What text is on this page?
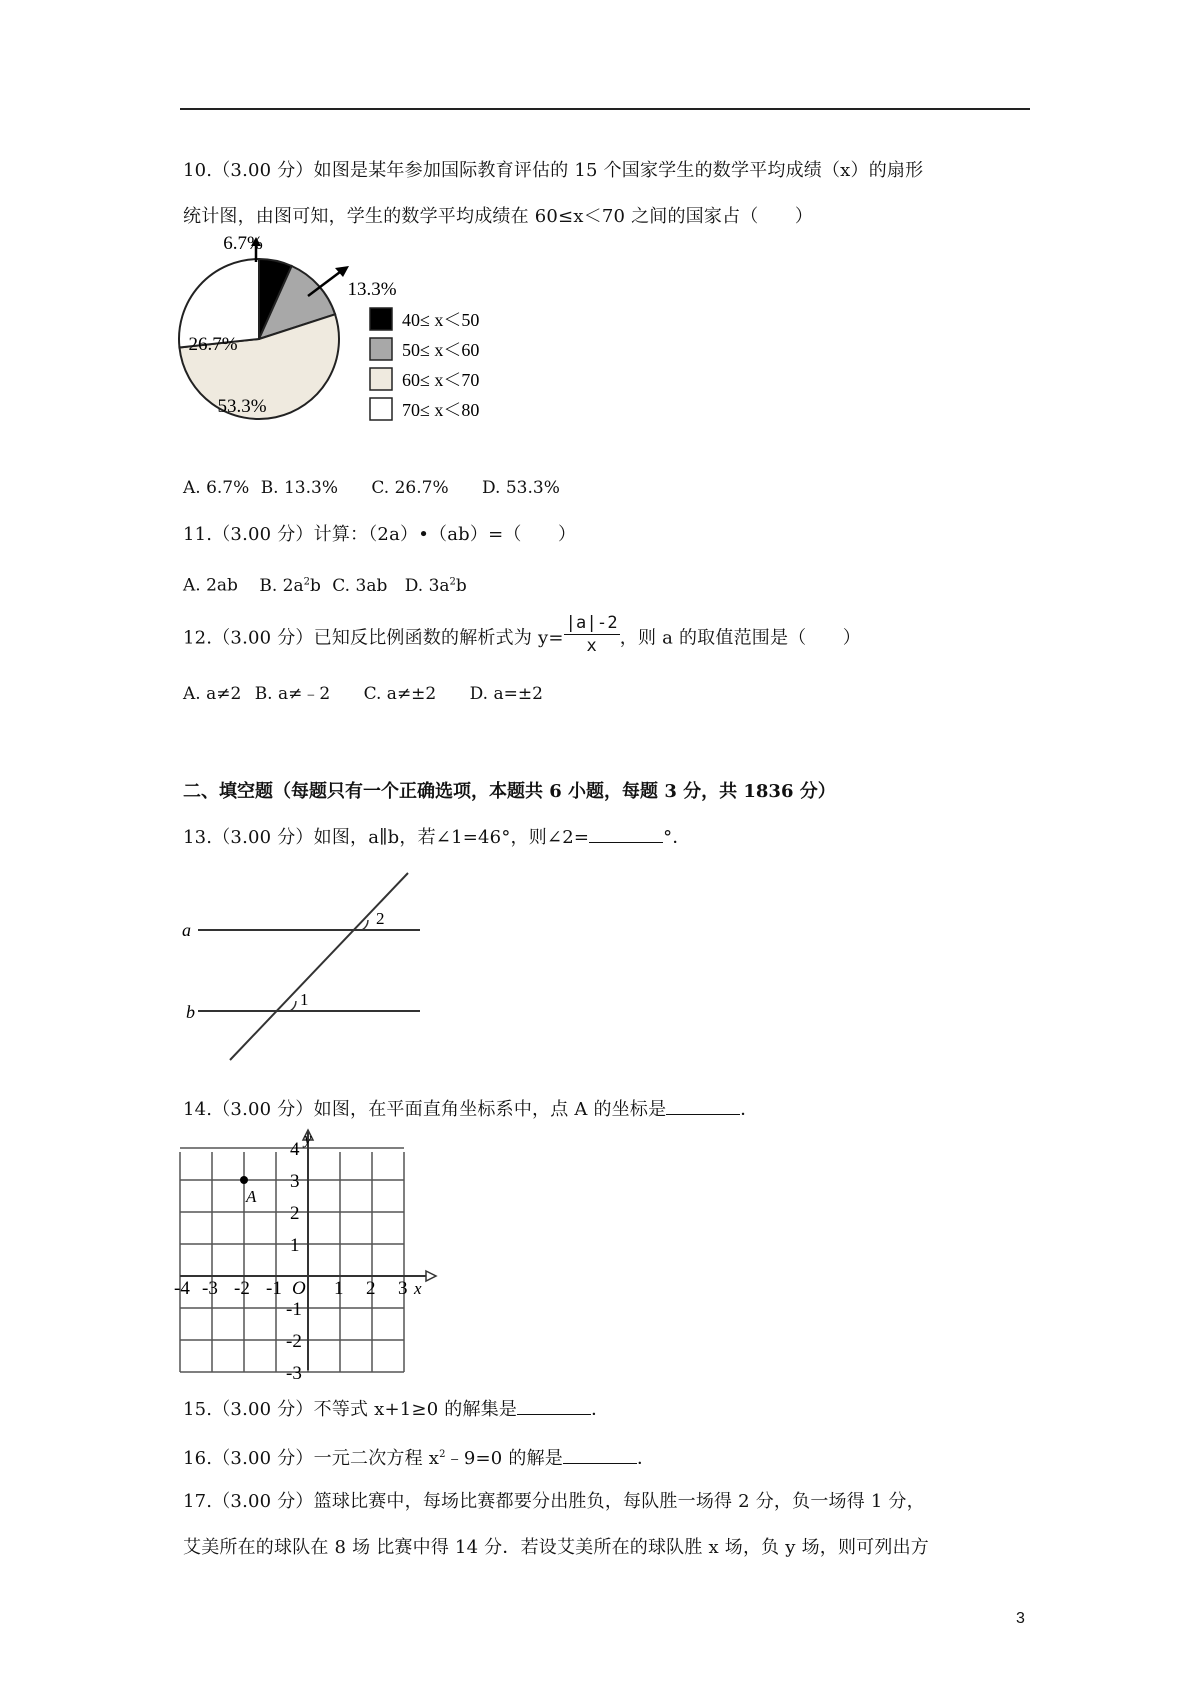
10.（3.00 分）如图是某年参加国际教育评估的 15 个国家学生的数学平均成绩（x）的扇形
统计图，由图可知，学生的数学平均成绩在 60≤x＜70 之间的国家占（　　）
6.7%
13.3%
53.3%
26.7%
40≤ x＜50
50≤ x＜60
60≤ x＜70
70≤ x＜80
A. 6.7% B. 13.3% C. 26.7% D. 53.3%
11.（3.00 分）计算：（2a）•（ab）=（　　）
A. 2ab B. $2a^2b$ C. 3ab D. $3a^2b$
12.（3.00 分）已知反比例函数的解析式为 $y= \frac{|a|-2}{x}$ ，则 a 的取值范围是（　　）
A. a≠2 B. a≠﹣2 C. a≠±2 D. a=±2
二、填空题（每题只有一个正确选项，本题共 6 小题，每题 3 分，共 1836 分）
13.（3.00 分）如图，a∥b，若∠1=46°，则∠2=	°．
a
b
2
1
14.（3.00 分）如图，在平面直角坐标系中，点 A 的坐标是	．
-4 -3 -2 -1	1 2 3
4
3
2
1
-1
-2
-3
x
y
O
A
15.（3.00 分）不等式 x+1≥0 的解集是	．
16.（3.00 分）一元二次方程 $x^2﹣9=0$ 的解是	．
17.（3.00 分）篮球比赛中，每场比赛都要分出胜负，每队胜一场得 2 分，负一场得 1 分，
艾美所在的球队在 8 场 比赛中得 14 分．若设艾美所在的球队胜 x 场，负 y 场，则可列出方
3
